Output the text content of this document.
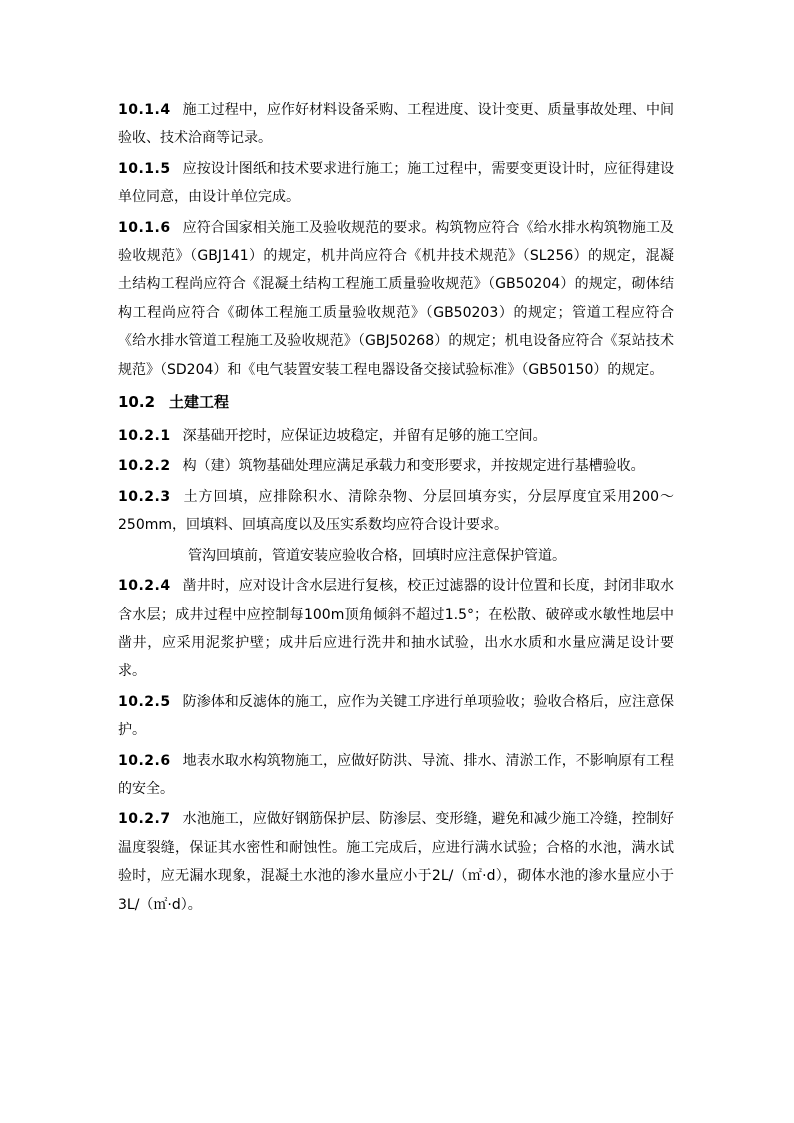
10.1.4 施工过程中，应作好材料设备采购、工程进度、设计变更、质量事故处理、中间验收、技术洽商等记录。

10.1.5 应按设计图纸和技术要求进行施工；施工过程中，需要变更设计时，应征得建设单位同意，由设计单位完成。

10.1.6 应符合国家相关施工及验收规范的要求。构筑物应符合《给水排水构筑物施工及验收规范》（GBJ141）的规定，机井尚应符合《机井技术规范》（SL256）的规定，混凝土结构工程尚应符合《混凝土结构工程施工质量验收规范》（GB50204）的规定，砌体结构工程尚应符合《砌体工程施工质量验收规范》（GB50203）的规定；管道工程应符合《给水排水管道工程施工及验收规范》（GBJ50268）的规定；机电设备应符合《泵站技术规范》（SD204）和《电气装置安装工程电器设备交接试验标准》（GB50150）的规定。

10.2 土建工程

10.2.1 深基础开挖时，应保证边坡稳定，并留有足够的施工空间。

10.2.2 构（建）筑物基础处理应满足承载力和变形要求，并按规定进行基槽验收。

10.2.3 土方回填，应排除积水、清除杂物、分层回填夯实，分层厚度宜采用200～250mm，回填料、回填高度以及压实系数均应符合设计要求。

管沟回填前，管道安装应验收合格，回填时应注意保护管道。

10.2.4 凿井时，应对设计含水层进行复核，校正过滤器的设计位置和长度，封闭非取水含水层；成井过程中应控制每100m顶角倾斜不超过1.5°；在松散、破碎或水敏性地层中凿井，应采用泥浆护壁；成井后应进行洗井和抽水试验，出水水质和水量应满足设计要求。

10.2.5 防渗体和反滤体的施工，应作为关键工序进行单项验收；验收合格后，应注意保护。

10.2.6 地表水取水构筑物施工，应做好防洪、导流、排水、清淤工作，不影响原有工程的安全。

10.2.7 水池施工，应做好钢筋保护层、防渗层、变形缝，避免和减少施工冷缝，控制好温度裂缝，保证其水密性和耐蚀性。施工完成后，应进行满水试验；合格的水池，满水试验时，应无漏水现象，混凝土水池的渗水量应小于2L/（㎡·d），砌体水池的渗水量应小于3L/（㎡·d）。
